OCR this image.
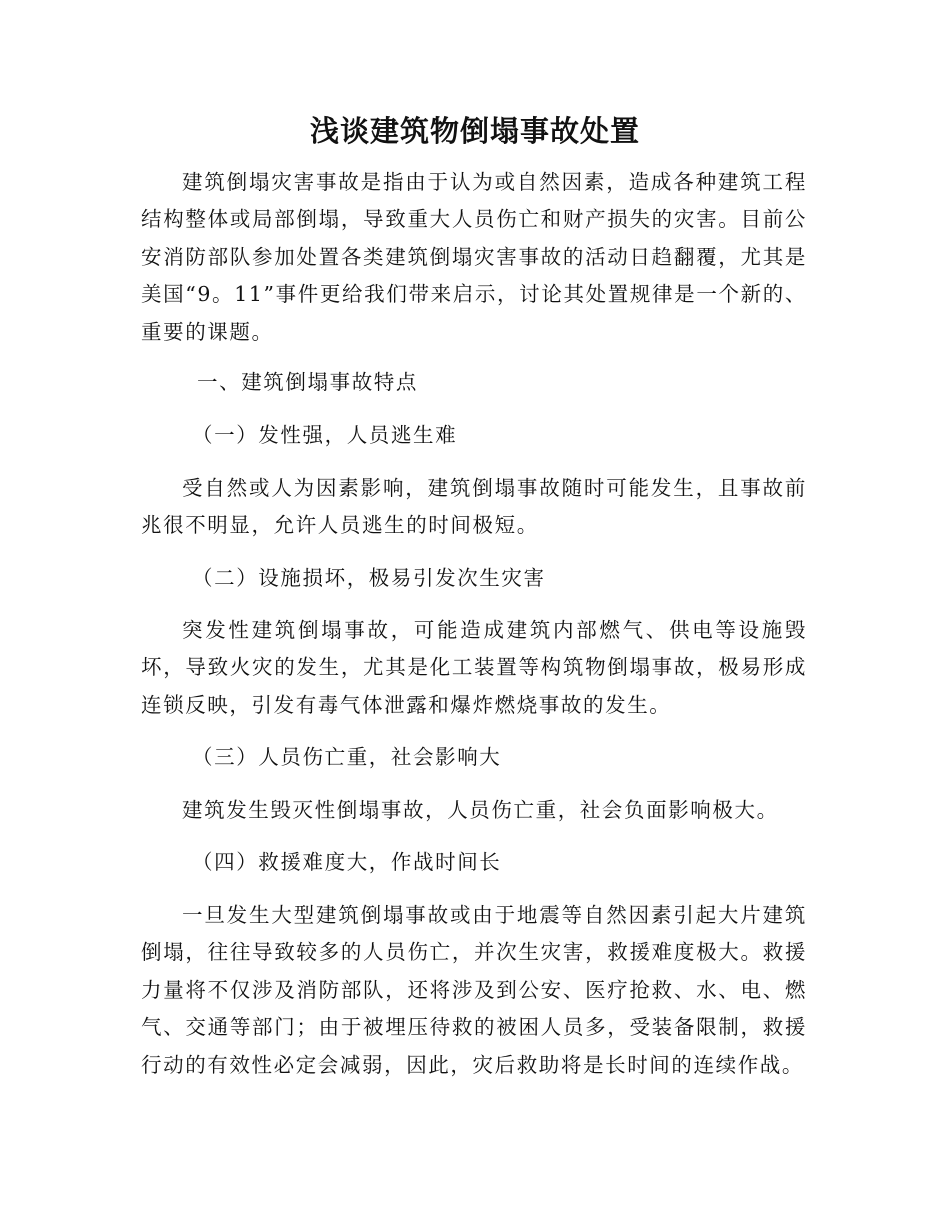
浅谈建筑物倒塌事故处置

建筑倒塌灾害事故是指由于认为或自然因素，造成各种建筑工程结构整体或局部倒塌，导致重大人员伤亡和财产损失的灾害。目前公安消防部队参加处置各类建筑倒塌灾害事故的活动日趋翻覆，尤其是美国“9。11”事件更给我们带来启示，讨论其处置规律是一个新的、重要的课题。

一、建筑倒塌事故特点

（一）发性强，人员逃生难

受自然或人为因素影响，建筑倒塌事故随时可能发生，且事故前兆很不明显，允许人员逃生的时间极短。

（二）设施损坏，极易引发次生灾害

突发性建筑倒塌事故，可能造成建筑内部燃气、供电等设施毁坏，导致火灾的发生，尤其是化工装置等构筑物倒塌事故，极易形成连锁反映，引发有毒气体泄露和爆炸燃烧事故的发生。

（三）人员伤亡重，社会影响大

建筑发生毁灭性倒塌事故，人员伤亡重，社会负面影响极大。

（四）救援难度大，作战时间长

一旦发生大型建筑倒塌事故或由于地震等自然因素引起大片建筑倒塌，往往导致较多的人员伤亡，并次生灾害，救援难度极大。救援力量将不仅涉及消防部队，还将涉及到公安、医疗抢救、水、电、燃气、交通等部门；由于被埋压待救的被困人员多，受装备限制，救援行动的有效性必定会减弱，因此，灾后救助将是长时间的连续作战。
